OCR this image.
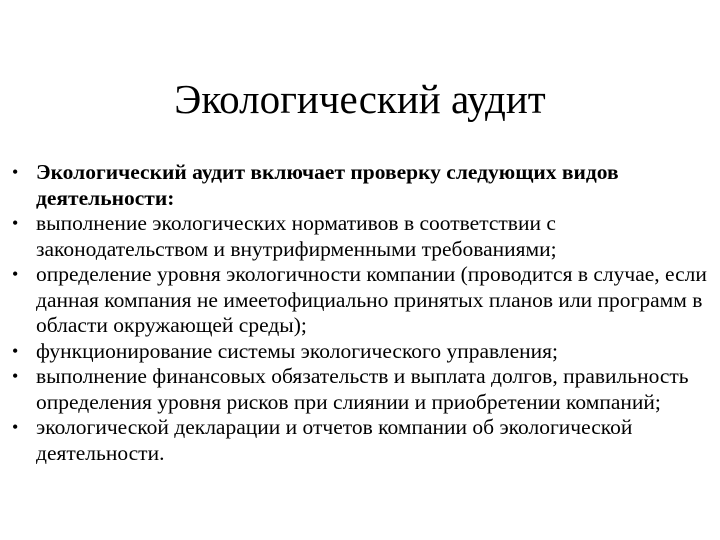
Экологический аудит
• Экологический аудит включает проверку следующих видов деятельности:
• выполнение экологических нормативов в соответствии с законодательством и внутрифирменными требованиями;
• определение уровня экологичности компании (проводится в случае, если данная компания не имеетофициально принятых планов или программ в области окружающей среды);
• функционирование системы экологического управления;
• выполнение финансовых обязательств и выплата долгов, правильность определения уровня рисков при слиянии и приобретении компаний;
• экологической декларации и отчетов компании об экологической деятельности.
